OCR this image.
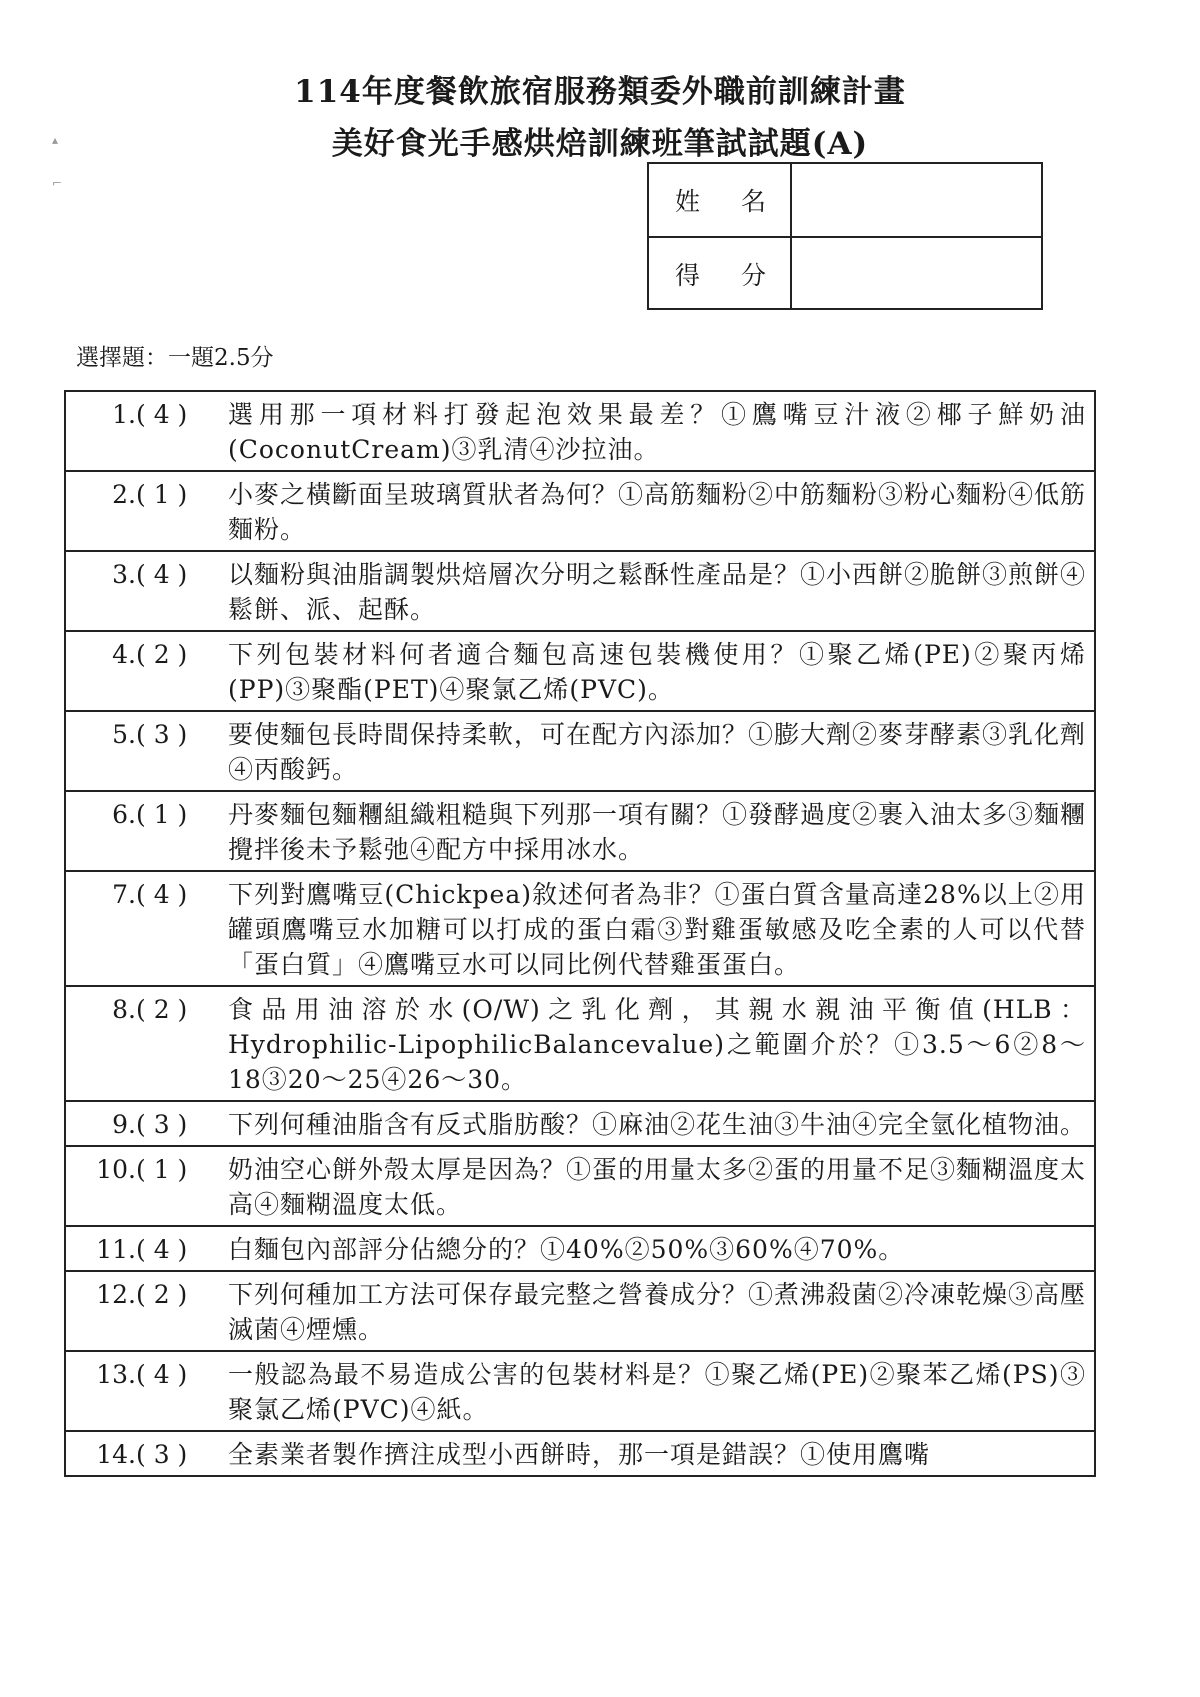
▴
⌐
114年度餐飲旅宿服務類委外職前訓練計畫
美好食光手感烘焙訓練班筆試試題(A)
姓 名
得 分
選擇題：一題2.5分
1. ( 4 )	選用那一項材料打發起泡效果最差？①鷹嘴豆汁液②椰子鮮奶油(CoconutCream)③乳清④沙拉油。

2. ( 1 )	小麥之橫斷面呈玻璃質狀者為何？①高筋麵粉②中筋麵粉③粉心麵粉④低筋麵粉。

3. ( 4 )	以麵粉與油脂調製烘焙層次分明之鬆酥性產品是？①小西餅②脆餅③煎餅④鬆餅、派、起酥。

4. ( 2 )	下列包裝材料何者適合麵包高速包裝機使用？①聚乙烯(PE)②聚丙烯(PP)③聚酯(PET)④聚氯乙烯(PVC)。

5. ( 3 )	要使麵包長時間保持柔軟，可在配方內添加？①膨大劑②麥芽酵素③乳化劑④丙酸鈣。

6. ( 1 )	丹麥麵包麵糰組織粗糙與下列那一項有關？①發酵過度②裹入油太多③麵糰攪拌後未予鬆弛④配方中採用冰水。

7. ( 4 )	下列對鷹嘴豆(Chickpea)敘述何者為非？①蛋白質含量高達28%以上②用罐頭鷹嘴豆水加糖可以打成的蛋白霜③對雞蛋敏感及吃全素的人可以代替「蛋白質」④鷹嘴豆水可以同比例代替雞蛋蛋白。

8. ( 2 )	食品用油溶於水(O/W)之乳化劑，其親水親油平衡值(HLB：Hydrophilic-LipophilicBalancevalue)之範圍介於？①3.5～6②8～18③20～25④26～30。

9. ( 3 )	下列何種油脂含有反式脂肪酸？①麻油②花生油③牛油④完全氫化植物油。

10. ( 1 )	奶油空心餅外殼太厚是因為？①蛋的用量太多②蛋的用量不足③麵糊溫度太高④麵糊溫度太低。

11. ( 4 )	白麵包內部評分佔總分的？①40%②50%③60%④70%。

12. ( 2 )	下列何種加工方法可保存最完整之營養成分？①煮沸殺菌②冷凍乾燥③高壓滅菌④煙燻。

13. ( 4 )	一般認為最不易造成公害的包裝材料是？①聚乙烯(PE)②聚苯乙烯(PS)③聚氯乙烯(PVC)④紙。

14. ( 3 )	全素業者製作擠注成型小西餅時，那一項是錯誤？①使用鷹嘴
